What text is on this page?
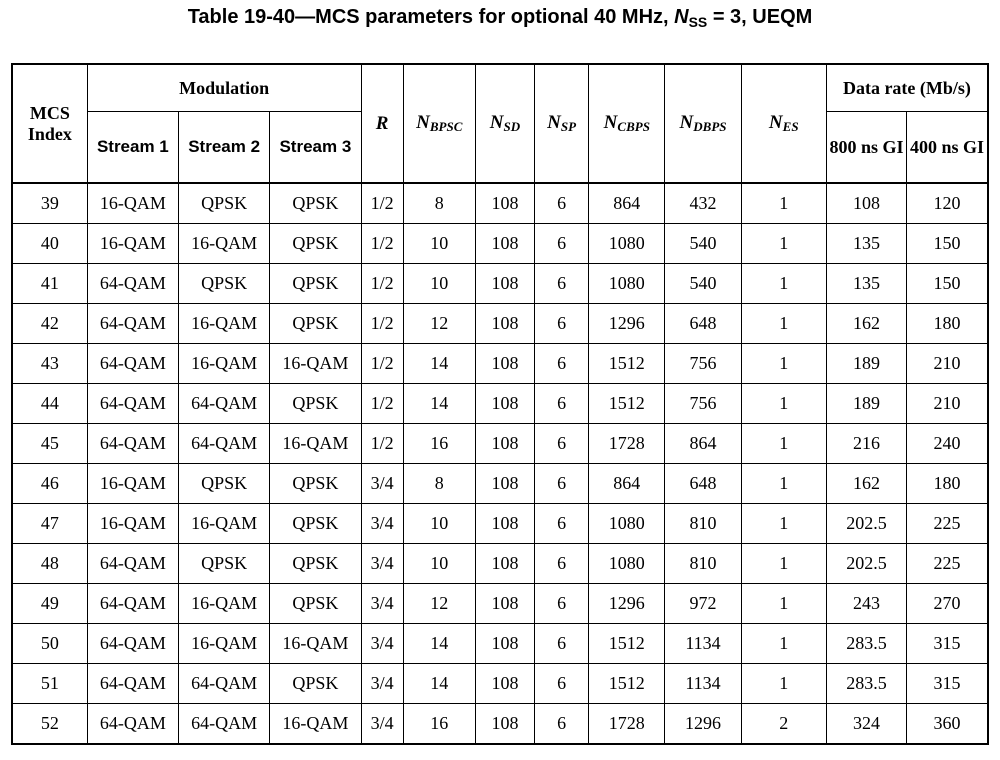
Table 19-40—MCS parameters for optional 40 MHz, $N_{SS} = 3$, UEQM
MCS Index	Modulation			R	$N_{BPSC}$	$N_{SD}$	$N_{SP}$	$N_{CBPS}$	$N_{DBPS}$	$N_{ES}$	Data rate (Mb/s)	
	Stream 1	Stream 2	Stream 3								800 ns GI	400 ns GI
39	16-QAM	QPSK	QPSK	1/2	8	108	6	864	432	1	108	120
40	16-QAM	16-QAM	QPSK	1/2	10	108	6	1080	540	1	135	150
41	64-QAM	QPSK	QPSK	1/2	10	108	6	1080	540	1	135	150
42	64-QAM	16-QAM	QPSK	1/2	12	108	6	1296	648	1	162	180
43	64-QAM	16-QAM	16-QAM	1/2	14	108	6	1512	756	1	189	210
44	64-QAM	64-QAM	QPSK	1/2	14	108	6	1512	756	1	189	210
45	64-QAM	64-QAM	16-QAM	1/2	16	108	6	1728	864	1	216	240
46	16-QAM	QPSK	QPSK	3/4	8	108	6	864	648	1	162	180
47	16-QAM	16-QAM	QPSK	3/4	10	108	6	1080	810	1	202.5	225
48	64-QAM	QPSK	QPSK	3/4	10	108	6	1080	810	1	202.5	225
49	64-QAM	16-QAM	QPSK	3/4	12	108	6	1296	972	1	243	270
50	64-QAM	16-QAM	16-QAM	3/4	14	108	6	1512	1134	1	283.5	315
51	64-QAM	64-QAM	QPSK	3/4	14	108	6	1512	1134	1	283.5	315
52	64-QAM	64-QAM	16-QAM	3/4	16	108	6	1728	1296	2	324	360
